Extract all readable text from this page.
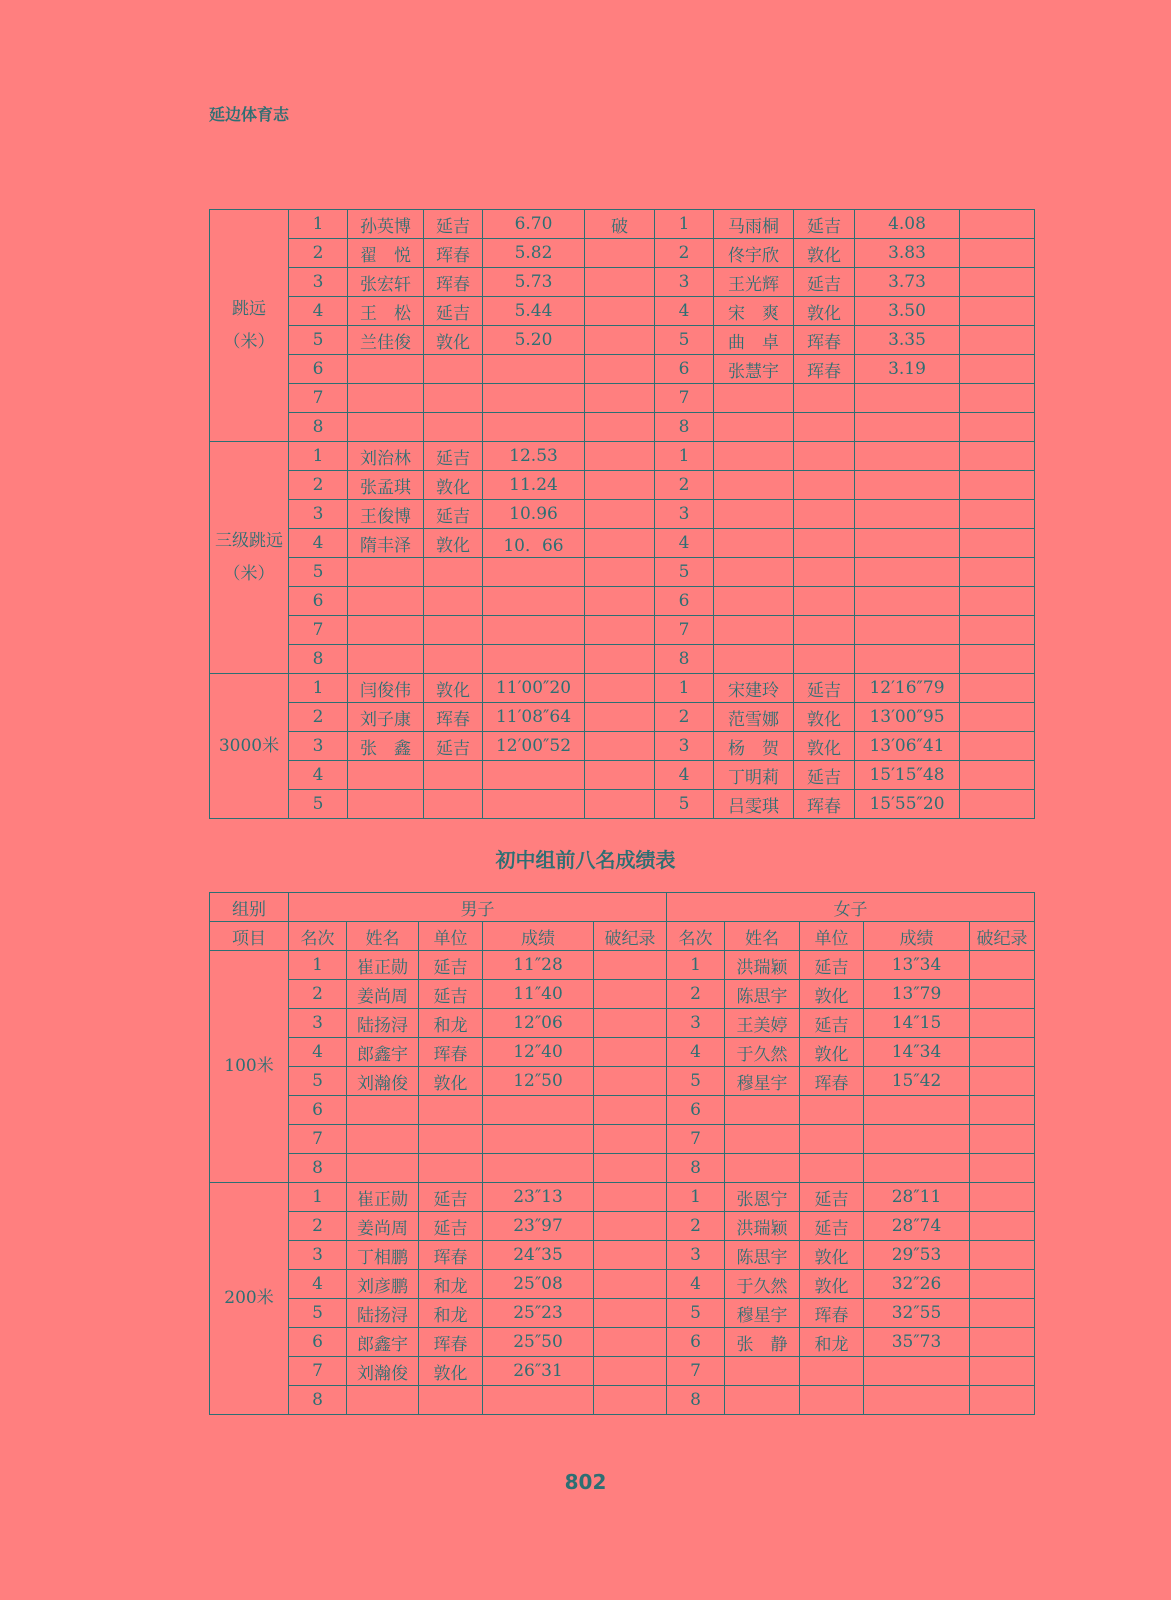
延边体育志
跳远
（米）	1	孙英博	延吉	6.70	破	1	马雨桐	延吉	4.08	
	2	翟　悦	珲春	5.82		2	佟宇欣	敦化	3.83	
	3	张宏轩	珲春	5.73		3	王光辉	延吉	3.73	
	4	王　松	延吉	5.44		4	宋　爽	敦化	3.50	
	5	兰佳俊	敦化	5.20		5	曲　卓	珲春	3.35	
	6					6	张慧宇	珲春	3.19	
	7					7				
	8					8				

三级跳远
（米）	1	刘治林	延吉	12.53		1				
	2	张孟琪	敦化	11.24		2				
	3	王俊博	延吉	10.96		3				
	4	隋丰泽	敦化	10．66		4				
	5					5				
	6					6				
	7					7				
	8					8				

3000米	1	闫俊伟	敦化	11′00″20		1	宋建玲	延吉	12′16″79	
	2	刘子康	珲春	11′08″64		2	范雪娜	敦化	13′00″95	
	3	张　鑫	延吉	12′00″52		3	杨　贺	敦化	13′06″41	
	4					4	丁明莉	延吉	15′15″48	
	5					5	吕雯琪	珲春	15′55″20	
初中组前八名成绩表
组别	男子					女子				
项目	名次	姓名	单位	成绩	破纪录	名次	姓名	单位	成绩	破纪录

100米	1	崔正勋	延吉	11″28		1	洪瑞颖	延吉	13″34	
	2	姜尚周	延吉	11″40		2	陈思宇	敦化	13″79	
	3	陆扬浔	和龙	12″06		3	王美婷	延吉	14″15	
	4	郎鑫宇	珲春	12″40		4	于久然	敦化	14″34	
	5	刘瀚俊	敦化	12″50		5	穆星宇	珲春	15″42	
	6					6				
	7					7				
	8					8				

200米	1	崔正勋	延吉	23″13		1	张恩宁	延吉	28″11	
	2	姜尚周	延吉	23″97		2	洪瑞颖	延吉	28″74	
	3	丁相鹏	珲春	24″35		3	陈思宇	敦化	29″53	
	4	刘彦鹏	和龙	25″08		4	于久然	敦化	32″26	
	5	陆扬浔	和龙	25″23		5	穆星宇	珲春	32″55	
	6	郎鑫宇	珲春	25″50		6	张　静	和龙	35″73	
	7	刘瀚俊	敦化	26″31		7				
	8					8				
802
